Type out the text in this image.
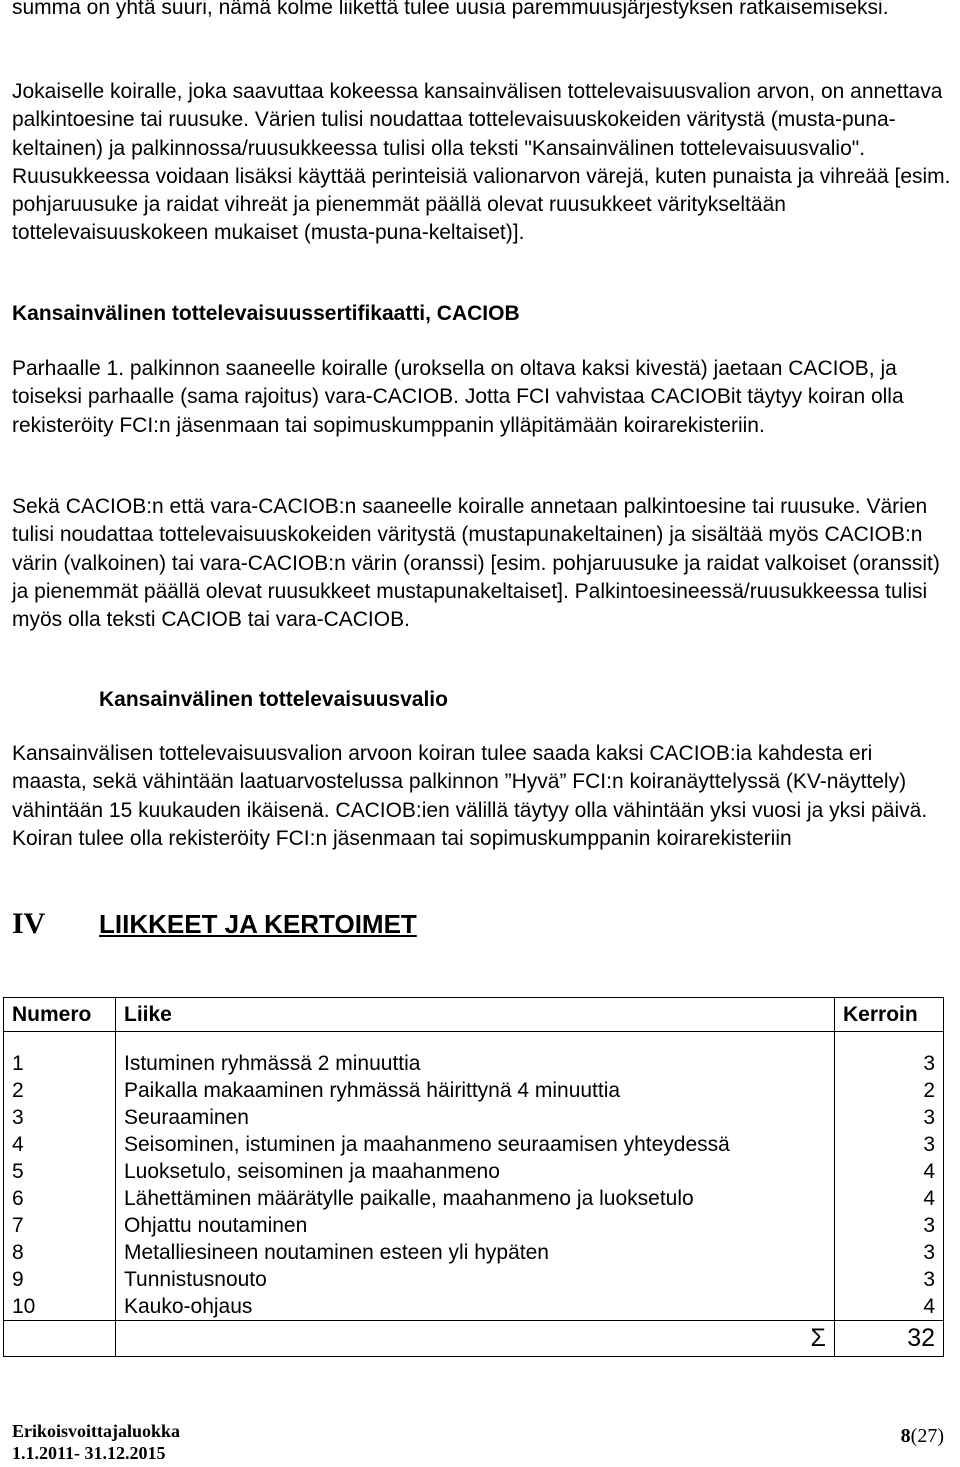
summa on yhtä suuri, nämä kolme liikettä tulee uusia paremmuusjärjestyksen ratkaisemiseksi.

Jokaiselle koiralle, joka saavuttaa kokeessa kansainvälisen tottelevaisuusvalion arvon, on annettava palkintoesine tai ruusuke. Värien tulisi noudattaa tottelevaisuuskokeiden väritystä (musta-puna-keltainen) ja palkinnossa/ruusukkeessa tulisi olla teksti "Kansainvälinen tottelevaisuusvalio". Ruusukkeessa voidaan lisäksi käyttää perinteisiä valionarvon värejä, kuten punaista ja vihreää [esim. pohjaruusuke ja raidat vihreät ja pienemmät päällä olevat ruusukkeet väritykseltään tottelevaisuuskokeen mukaiset (musta-puna-keltaiset)].

Kansainvälinen tottelevaisuussertifikaatti, CACIOB

Parhaalle 1. palkinnon saaneelle koiralle (uroksella on oltava kaksi kivestä) jaetaan CACIOB, ja toiseksi parhaalle (sama rajoitus) vara-CACIOB. Jotta FCI vahvistaa CACIOBit täytyy koiran olla rekisteröity FCI:n jäsenmaan tai sopimuskumppanin ylläpitämään koirarekisteriin.

Sekä CACIOB:n että vara-CACIOB:n saaneelle koiralle annetaan palkintoesine tai ruusuke. Värien tulisi noudattaa tottelevaisuuskokeiden väritystä (mustapunakeltainen) ja sisältää myös CACIOB:n värin (valkoinen) tai vara-CACIOB:n värin (oranssi) [esim. pohjaruusuke ja raidat valkoiset (oranssit) ja pienemmät päällä olevat ruusukkeet mustapunakeltaiset]. Palkintoesineessä/ruusukkeessa tulisi myös olla teksti CACIOB tai vara-CACIOB.

Kansainvälinen tottelevaisuusvalio

Kansainvälisen tottelevaisuusvalion arvoon koiran tulee saada kaksi CACIOB:ia kahdesta eri maasta, sekä vähintään laatuarvostelussa palkinnon ”Hyvä” FCI:n koiranäyttelyssä (KV-näyttely) vähintään 15 kuukauden ikäisenä. CACIOB:ien välillä täytyy olla vähintään yksi vuosi ja yksi päivä. Koiran tulee olla rekisteröity FCI:n jäsenmaan tai sopimuskumppanin koirarekisteriin

IV LIIKKEET JA KERTOIMET

Numero	Liike	Kerroin

1	Istuminen ryhmässä 2 minuuttia	3
2	Paikalla makaaminen ryhmässä häirittynä 4 minuuttia	2
3	Seuraaminen	3
4	Seisominen, istuminen ja maahanmeno seuraamisen yhteydessä	3
5	Luoksetulo, seisominen ja maahanmeno	4
6	Lähettäminen määrätylle paikalle, maahanmeno ja luoksetulo	4
7	Ohjattu noutaminen	3
8	Metalliesineen noutaminen esteen yli hypäten	3
9	Tunnistusnouto	3
10	Kauko-ohjaus	4
	Σ	32
Erikoisvoittajaluokka
1.1.2011- 31.12.2015
8(27)
